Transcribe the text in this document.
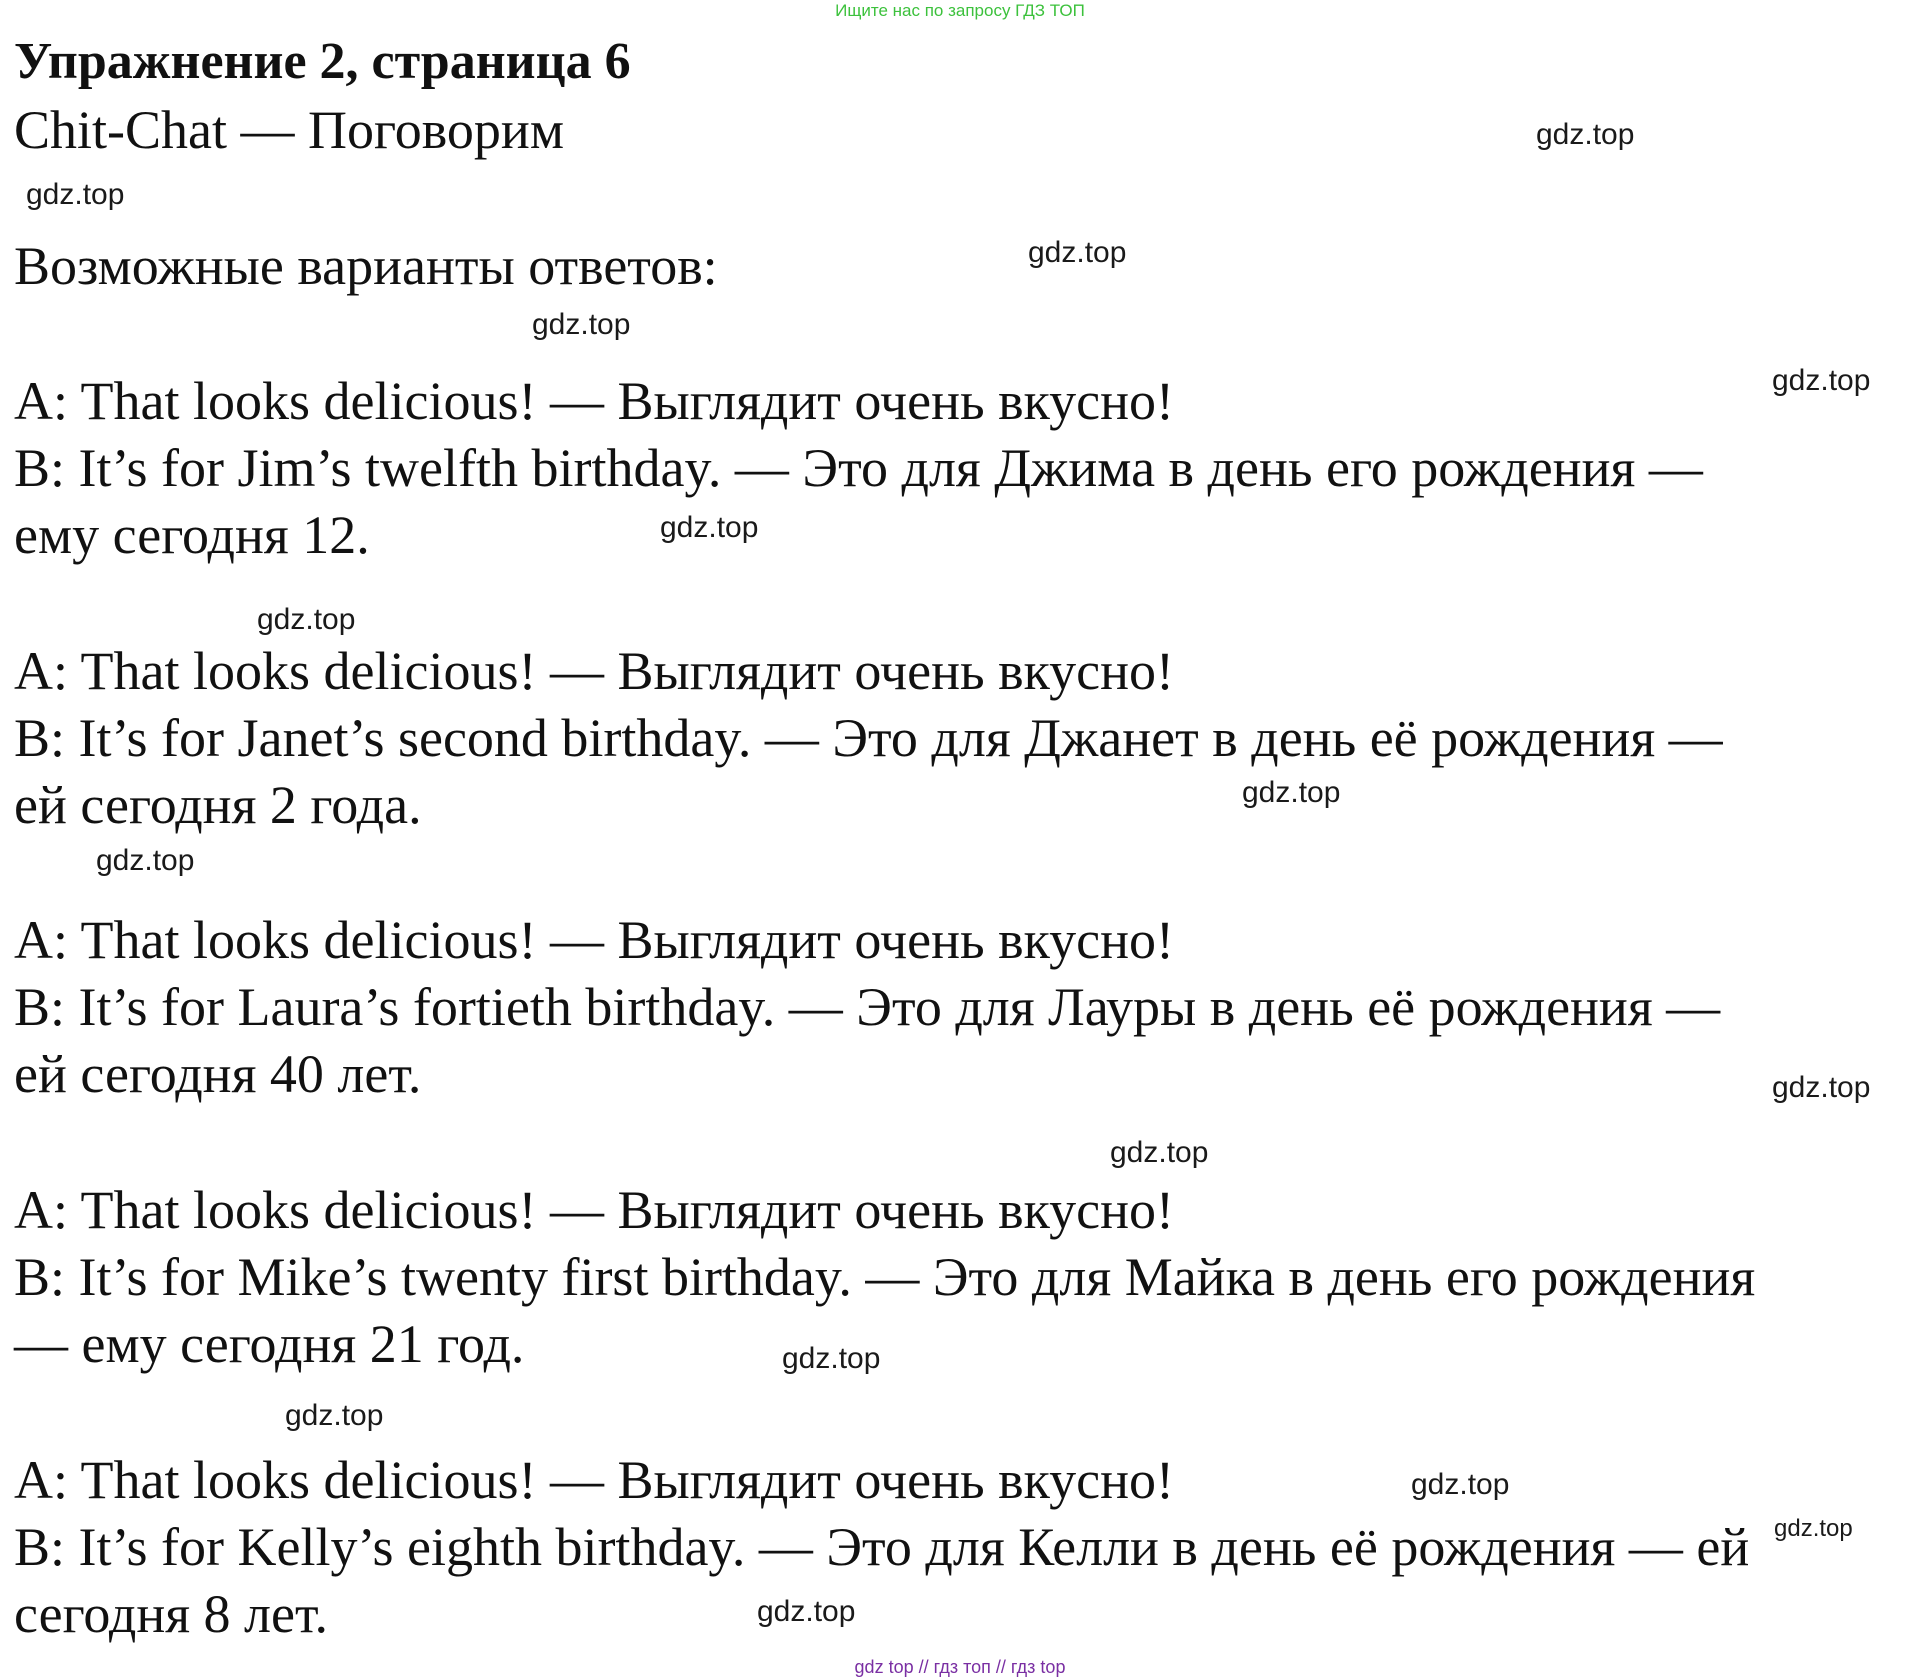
Ищите нас по запросу ГДЗ ТОП
Упражнение 2, страница 6
Chit-Chat — Поговорим
Возможные варианты ответов:
A: That looks delicious! — Выглядит очень вкусно!
B: It’s for Jim’s twelfth birthday. — Это для Джима в день его рождения —
ему сегодня 12.
A: That looks delicious! — Выглядит очень вкусно!
B: It’s for Janet’s second birthday. — Это для Джанет в день её рождения —
ей сегодня 2 года.
A: That looks delicious! — Выглядит очень вкусно!
B: It’s for Laura’s fortieth birthday. — Это для Лауры в день её рождения —
ей сегодня 40 лет.
A: That looks delicious! — Выглядит очень вкусно!
B: It’s for Mike’s twenty first birthday. — Это для Майка в день его рождения
— ему сегодня 21 год.
A: That looks delicious! — Выглядит очень вкусно!
B: It’s for Kelly’s eighth birthday. — Это для Келли в день её рождения — ей
сегодня 8 лет.
gdz.top
gdz.top
gdz.top
gdz.top
gdz.top
gdz.top
gdz.top
gdz.top
gdz.top
gdz.top
gdz.top
gdz.top
gdz.top
gdz.top
gdz.top
gdz.top
gdz top // гдз топ // гдз top
